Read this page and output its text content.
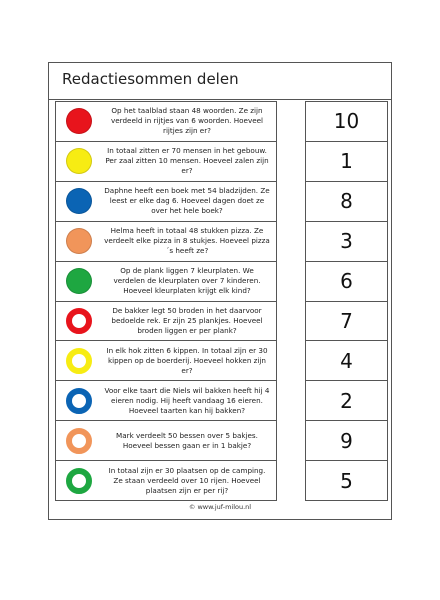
Redactiesommen delen
Op het taalblad staan 48 woorden. Ze zijn verdeeld in rijtjes van 6 woorden. Hoeveel rijtjes zijn er?
In totaal zitten er 70 mensen in het gebouw. Per zaal zitten 10 mensen. Hoeveel zalen zijn er?
Daphne heeft een boek met 54 bladzijden. Ze leest er elke dag 6. Hoeveel dagen doet ze over het hele boek?
Helma heeft in totaal 48 stukken pizza. Ze verdeelt elke pizza in 8 stukjes. Hoeveel pizza´s heeft ze?
Op de plank liggen 7 kleurplaten. We verdelen de kleurplaten over 7 kinderen. Hoeveel kleurplaten krijgt elk kind?
De bakker legt 50 broden in het daarvoor bedoelde rek. Er zijn 25 plankjes. Hoeveel broden liggen er per plank?
In elk hok zitten 6 kippen. In totaal zijn er 30 kippen op de boerderij. Hoeveel hokken zijn er?
Voor elke taart die Niels wil bakken heeft hij 4 eieren nodig. Hij heeft vandaag 16 eieren. Hoeveel taarten kan hij bakken?
Mark verdeelt 50 bessen over 5 bakjes. Hoeveel bessen gaan er in 1 bakje?
In totaal zijn er 30 plaatsen op de camping. Ze staan verdeeld over 10 rijen. Hoeveel plaatsen zijn er per rij?
10
1
8
3
6
7
4
2
9
5
© www.juf-milou.nl
